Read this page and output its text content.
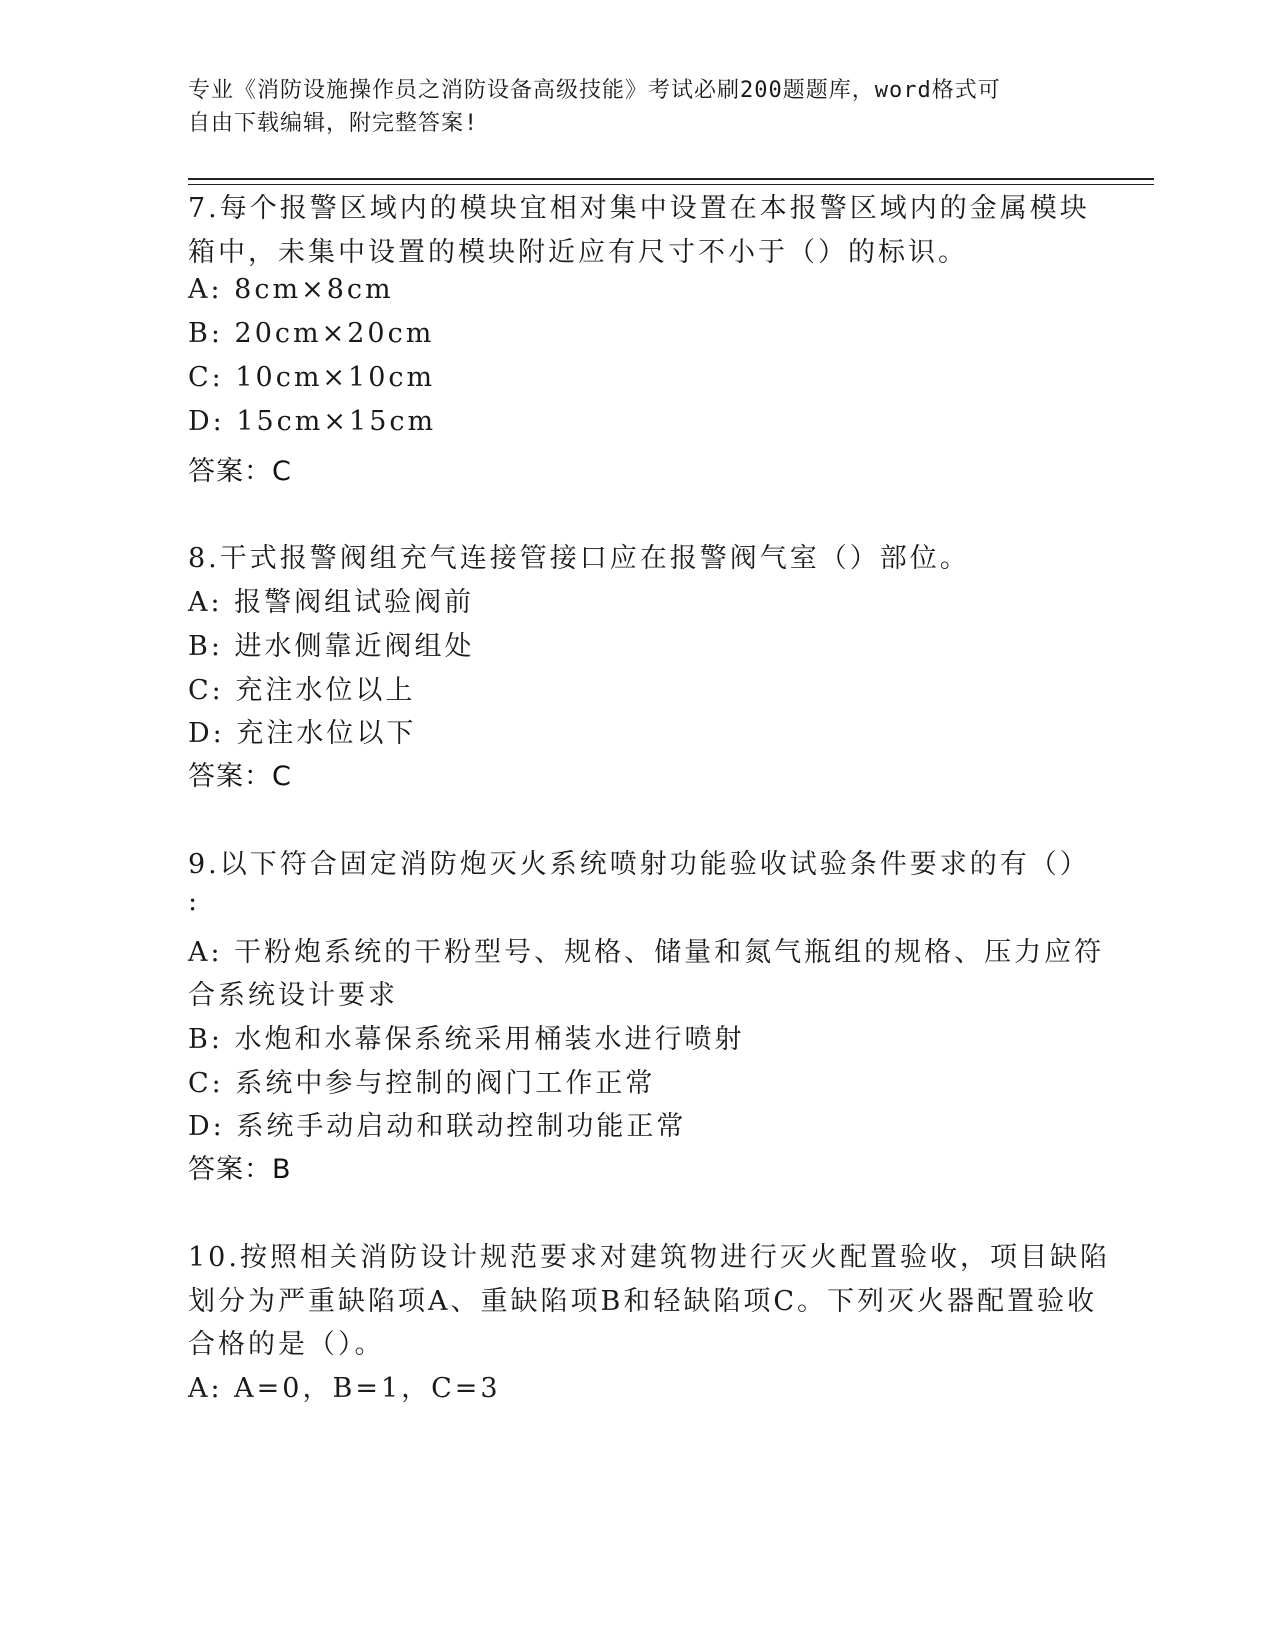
专业《消防设施操作员之消防设备高级技能》考试必刷200题题库，word格式可
自由下载编辑，附完整答案!
7.每个报警区域内的模块宜相对集中设置在本报警区域内的金属模块
箱中，未集中设置的模块附近应有尺寸不小于（）的标识。
A: 8cm×8cm
B: 20cm×20cm
C: 10cm×10cm
D: 15cm×15cm
答案：C
8.干式报警阀组充气连接管接口应在报警阀气室（）部位。
A: 报警阀组试验阀前
B: 进水侧靠近阀组处
C: 充注水位以上
D: 充注水位以下
答案：C
9.以下符合固定消防炮灭火系统喷射功能验收试验条件要求的有（）
:
A: 干粉炮系统的干粉型号、规格、储量和氮气瓶组的规格、压力应符
合系统设计要求
B: 水炮和水幕保系统采用桶装水进行喷射
C: 系统中参与控制的阀门工作正常
D: 系统手动启动和联动控制功能正常
答案：B
10.按照相关消防设计规范要求对建筑物进行灭火配置验收，项目缺陷
划分为严重缺陷项A、重缺陷项B和轻缺陷项C。下列灭火器配置验收
合格的是（）。
A: A=0，B=1，C=3
